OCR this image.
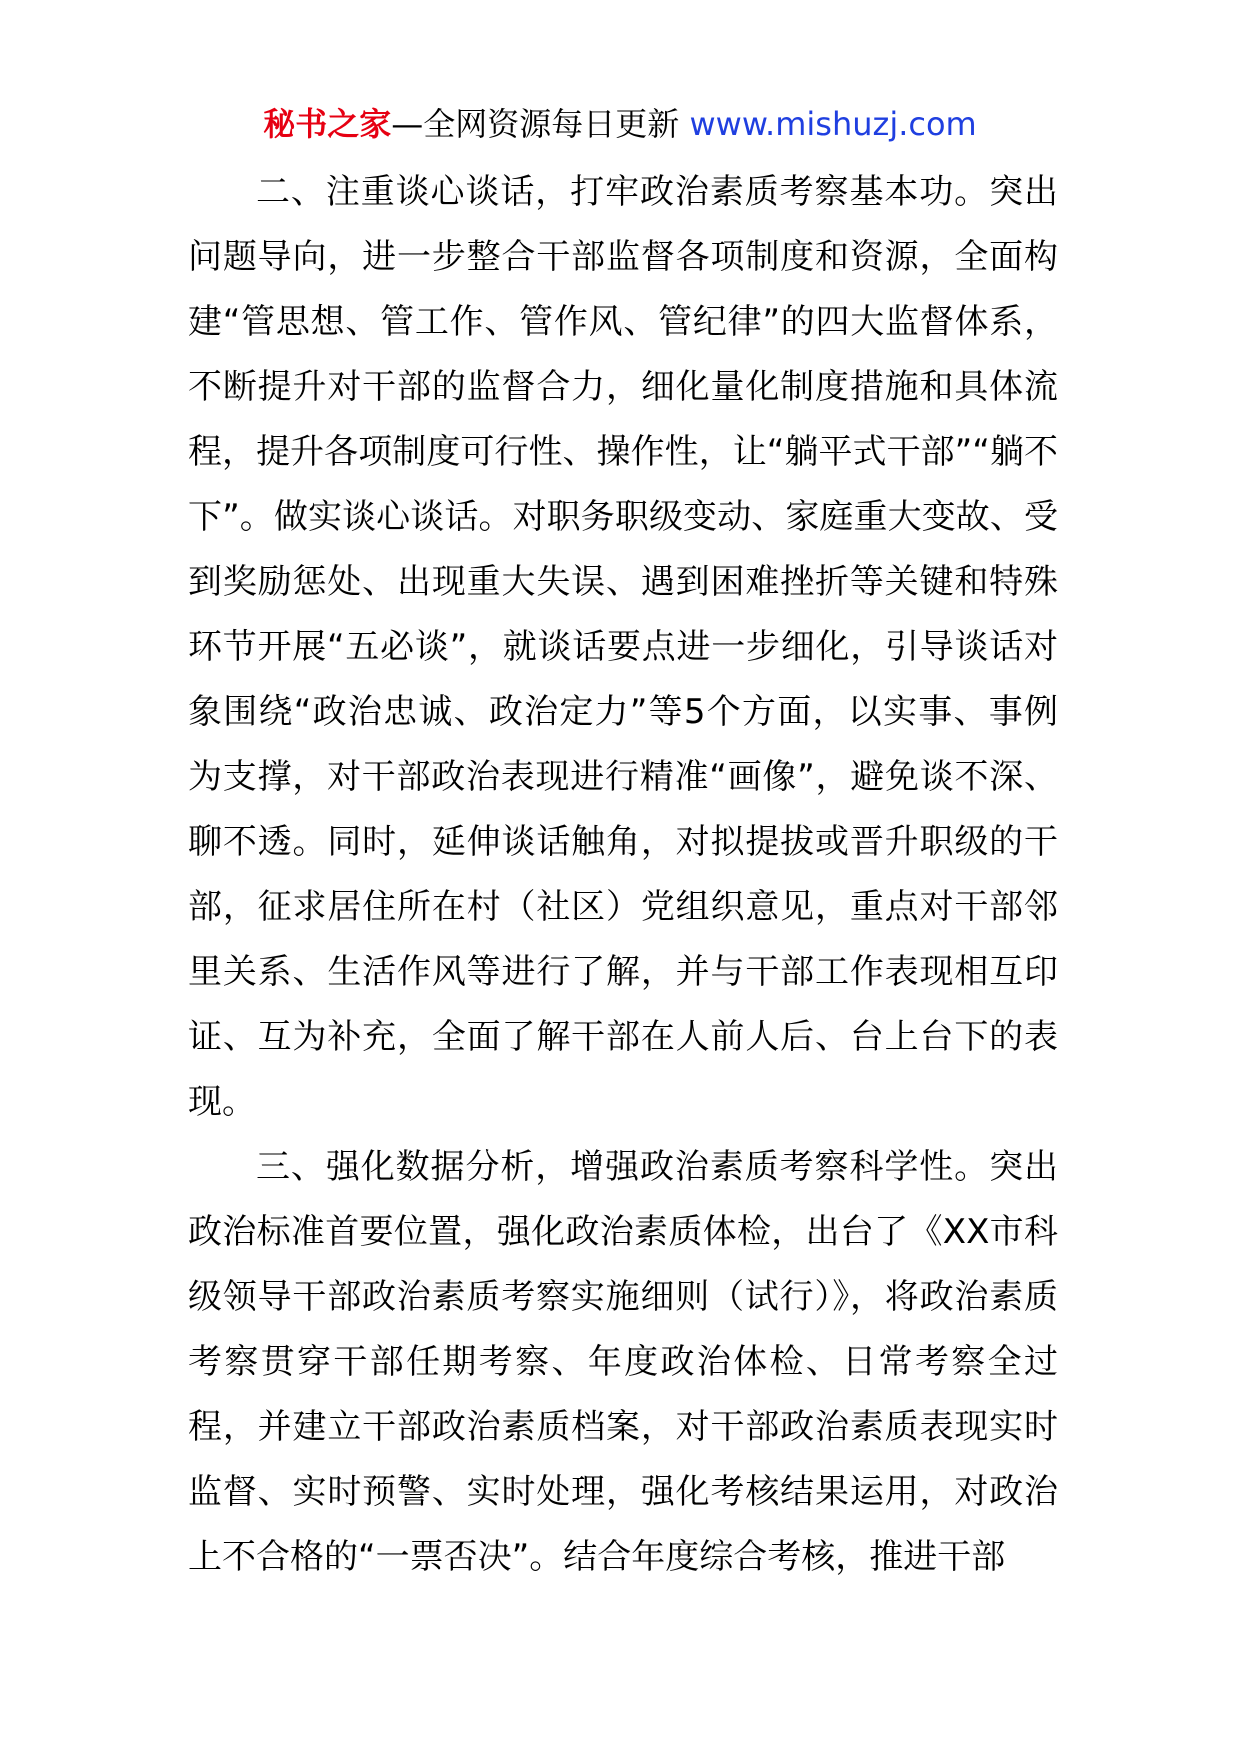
秘书之家—全网资源每日更新 www.mishuzj.com

二、注重谈心谈话，打牢政治素质考察基本功。突出问题导向，进一步整合干部监督各项制度和资源，全面构建“管思想、管工作、管作风、管纪律”的四大监督体系，不断提升对干部的监督合力，细化量化制度措施和具体流程，提升各项制度可行性、操作性，让“躺平式干部”“躺不下”。做实谈心谈话。对职务职级变动、家庭重大变故、受到奖励惩处、出现重大失误、遇到困难挫折等关键和特殊环节开展“五必谈”，就谈话要点进一步细化，引导谈话对象围绕“政治忠诚、政治定力”等5个方面，以实事、事例为支撑，对干部政治表现进行精准“画像”，避免谈不深、聊不透。同时，延伸谈话触角，对拟提拔或晋升职级的干部，征求居住所在村（社区）党组织意见，重点对干部邻里关系、生活作风等进行了解，并与干部工作表现相互印证、互为补充，全面了解干部在人前人后、台上台下的表现。

三、强化数据分析，增强政治素质考察科学性。突出政治标准首要位置，强化政治素质体检，出台了《XX市科级领导干部政治素质考察实施细则（试行）》，将政治素质考察贯穿干部任期考察、年度政治体检、日常考察全过程，并建立干部政治素质档案，对干部政治素质表现实时监督、实时预警、实时处理，强化考核结果运用，对政治上不合格的“一票否决”。结合年度综合考核，推进干部
